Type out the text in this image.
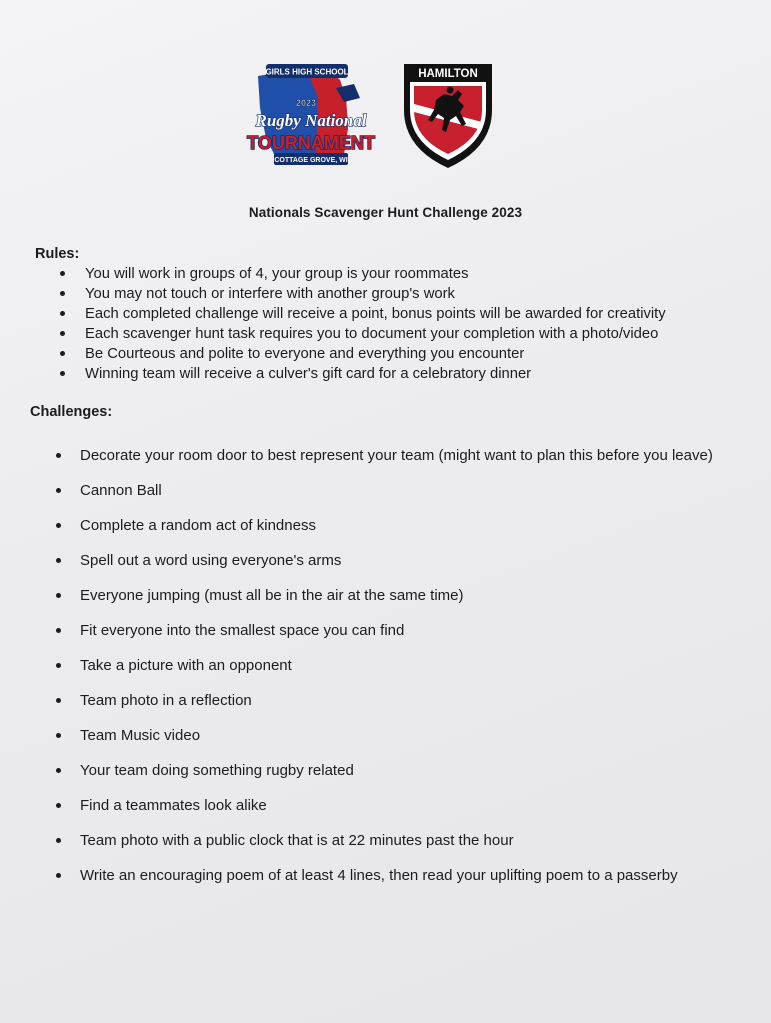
GIRLS HIGH SCHOOL
2023
Rugby National
TOURNAMENT
COTTAGE GROVE, WI
HAMILTON
Nationals Scavenger Hunt Challenge 2023
Rules:
You will work in groups of 4, your group is your roommates
You may not touch or interfere with another group's work
Each completed challenge will receive a point, bonus points will be awarded for creativity
Each scavenger hunt task requires you to document your completion with a photo/video
Be Courteous and polite to everyone and everything you encounter
Winning team will receive a culver's gift card for a celebratory dinner
Challenges:
Decorate your room door to best represent your team (might want to plan this before you leave)
Cannon Ball
Complete a random act of kindness
Spell out a word using everyone's arms
Everyone jumping (must all be in the air at the same time)
Fit everyone into the smallest space you can find
Take a picture with an opponent
Team photo in a reflection
Team Music video
Your team doing something rugby related
Find a teammates look alike
Team photo with a public clock that is at 22 minutes past the hour
Write an encouraging poem of at least 4 lines, then read your uplifting poem to a passerby
